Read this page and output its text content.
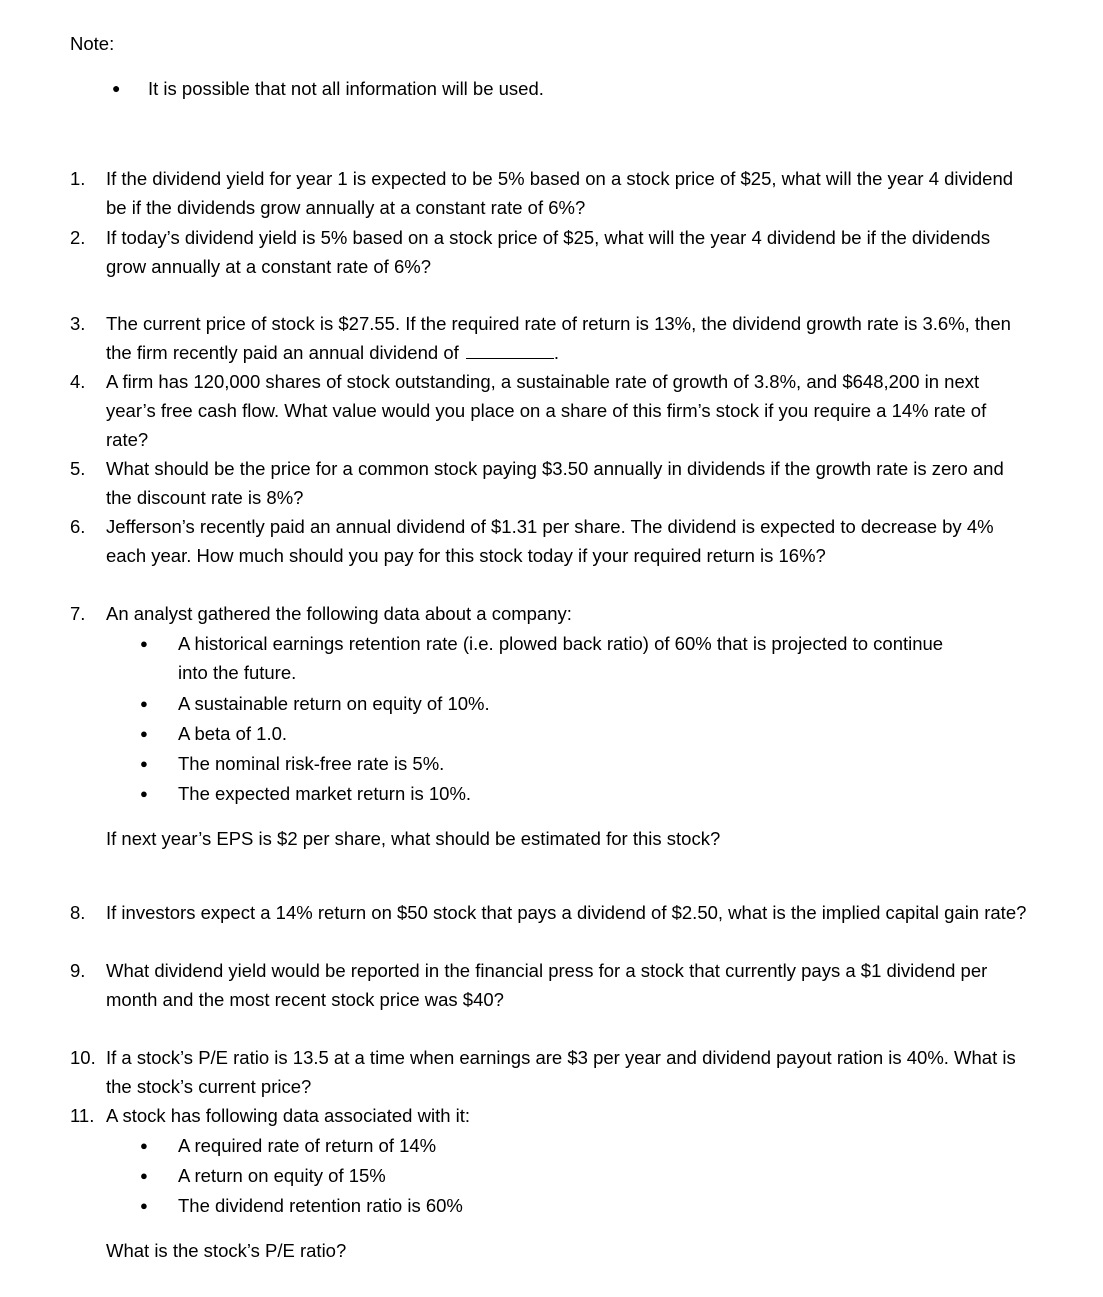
Note:
●	It is possible that not all information will be used.
1.	If the dividend yield for year 1 is expected to be 5% based on a stock price of $25, what will the year 4 dividend be if the dividends grow annually at a constant rate of 6%?
2.	If today’s dividend yield is 5% based on a stock price of $25, what will the year 4 dividend be if the dividends grow annually at a constant rate of 6%?
3.	The current price of stock is $27.55. If the required rate of return is 13%, the dividend growth rate is 3.6%, then the firm recently paid an annual dividend of	.
4.	A firm has 120,000 shares of stock outstanding, a sustainable rate of growth of 3.8%, and $648,200 in next year’s free cash flow. What value would you place on a share of this firm’s stock if you require a 14% rate of rate?
5.	What should be the price for a common stock paying $3.50 annually in dividends if the growth rate is zero and the discount rate is 8%?
6.	Jefferson’s recently paid an annual dividend of $1.31 per share. The dividend is expected to decrease by 4% each year. How much should you pay for this stock today if your required return is 16%?
7.	An analyst gathered the following data about a company:
●	A historical earnings retention rate (i.e. plowed back ratio) of 60% that is projected to continue into the future.
●	A sustainable return on equity of 10%.
●	A beta of 1.0.
●	The nominal risk-free rate is 5%.
●	The expected market return is 10%.
If next year’s EPS is $2 per share, what should be estimated for this stock?
8.	If investors expect a 14% return on $50 stock that pays a dividend of $2.50, what is the implied capital gain rate?
9.	What dividend yield would be reported in the financial press for a stock that currently pays a $1 dividend per month and the most recent stock price was $40?
10. If a stock’s P/E ratio is 13.5 at a time when earnings are $3 per year and dividend payout ration is 40%. What is the stock’s current price?
11. A stock has following data associated with it:
●	A required rate of return of 14%
●	A return on equity of 15%
●	The dividend retention ratio is 60%
What is the stock’s P/E ratio?
